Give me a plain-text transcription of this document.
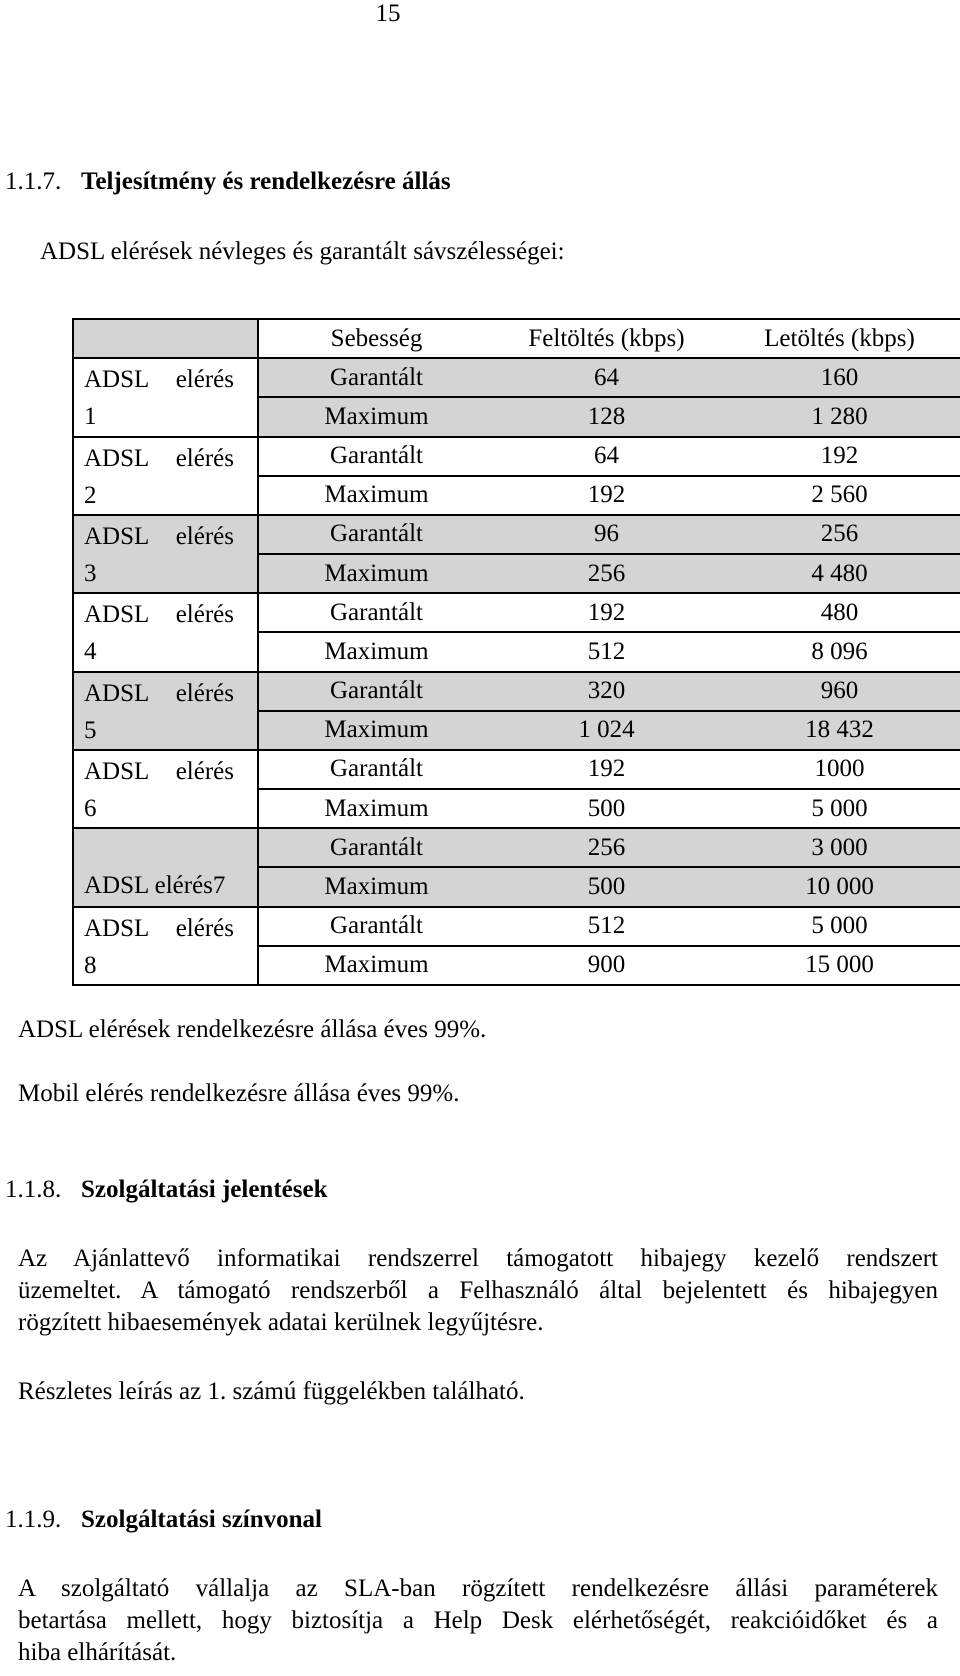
15
1.1.7. Teljesítmény és rendelkezésre állás
ADSL elérések névleges és garantált sávszélességei:
	Sebesség	Feltöltés (kbps)	Letöltés (kbps)

ADSL elérés
1	Garantált	64	160
	Maximum	128	1 280

ADSL elérés
2	Garantált	64	192
	Maximum	192	2 560

ADSL elérés
3	Garantált	96	256
	Maximum	256	4 480

ADSL elérés
4	Garantált	192	480
	Maximum	512	8 096

ADSL elérés
5	Garantált	320	960
	Maximum	1 024	18 432

ADSL elérés
6	Garantált	192	1000
	Maximum	500	5 000

ADSL elérés7	Garantált	256	3 000
	Maximum	500	10 000

ADSL elérés
8	Garantált	512	5 000
	Maximum	900	15 000
ADSL elérések rendelkezésre állása éves 99%.
Mobil elérés rendelkezésre állása éves 99%.
1.1.8. Szolgáltatási jelentések
Az Ajánlattevő informatikai rendszerrel támogatott hibajegy kezelő rendszert
üzemeltet. A támogató rendszerből a Felhasználó által bejelentett és hibajegyen
rögzített hibaesemények adatai kerülnek legyűjtésre.
Részletes leírás az 1. számú függelékben található.
1.1.9. Szolgáltatási színvonal
A szolgáltató vállalja az SLA-ban rögzített rendelkezésre állási paraméterek
betartása mellett, hogy biztosítja a Help Desk elérhetőségét, reakcióidőket és a
hiba elhárítását.
